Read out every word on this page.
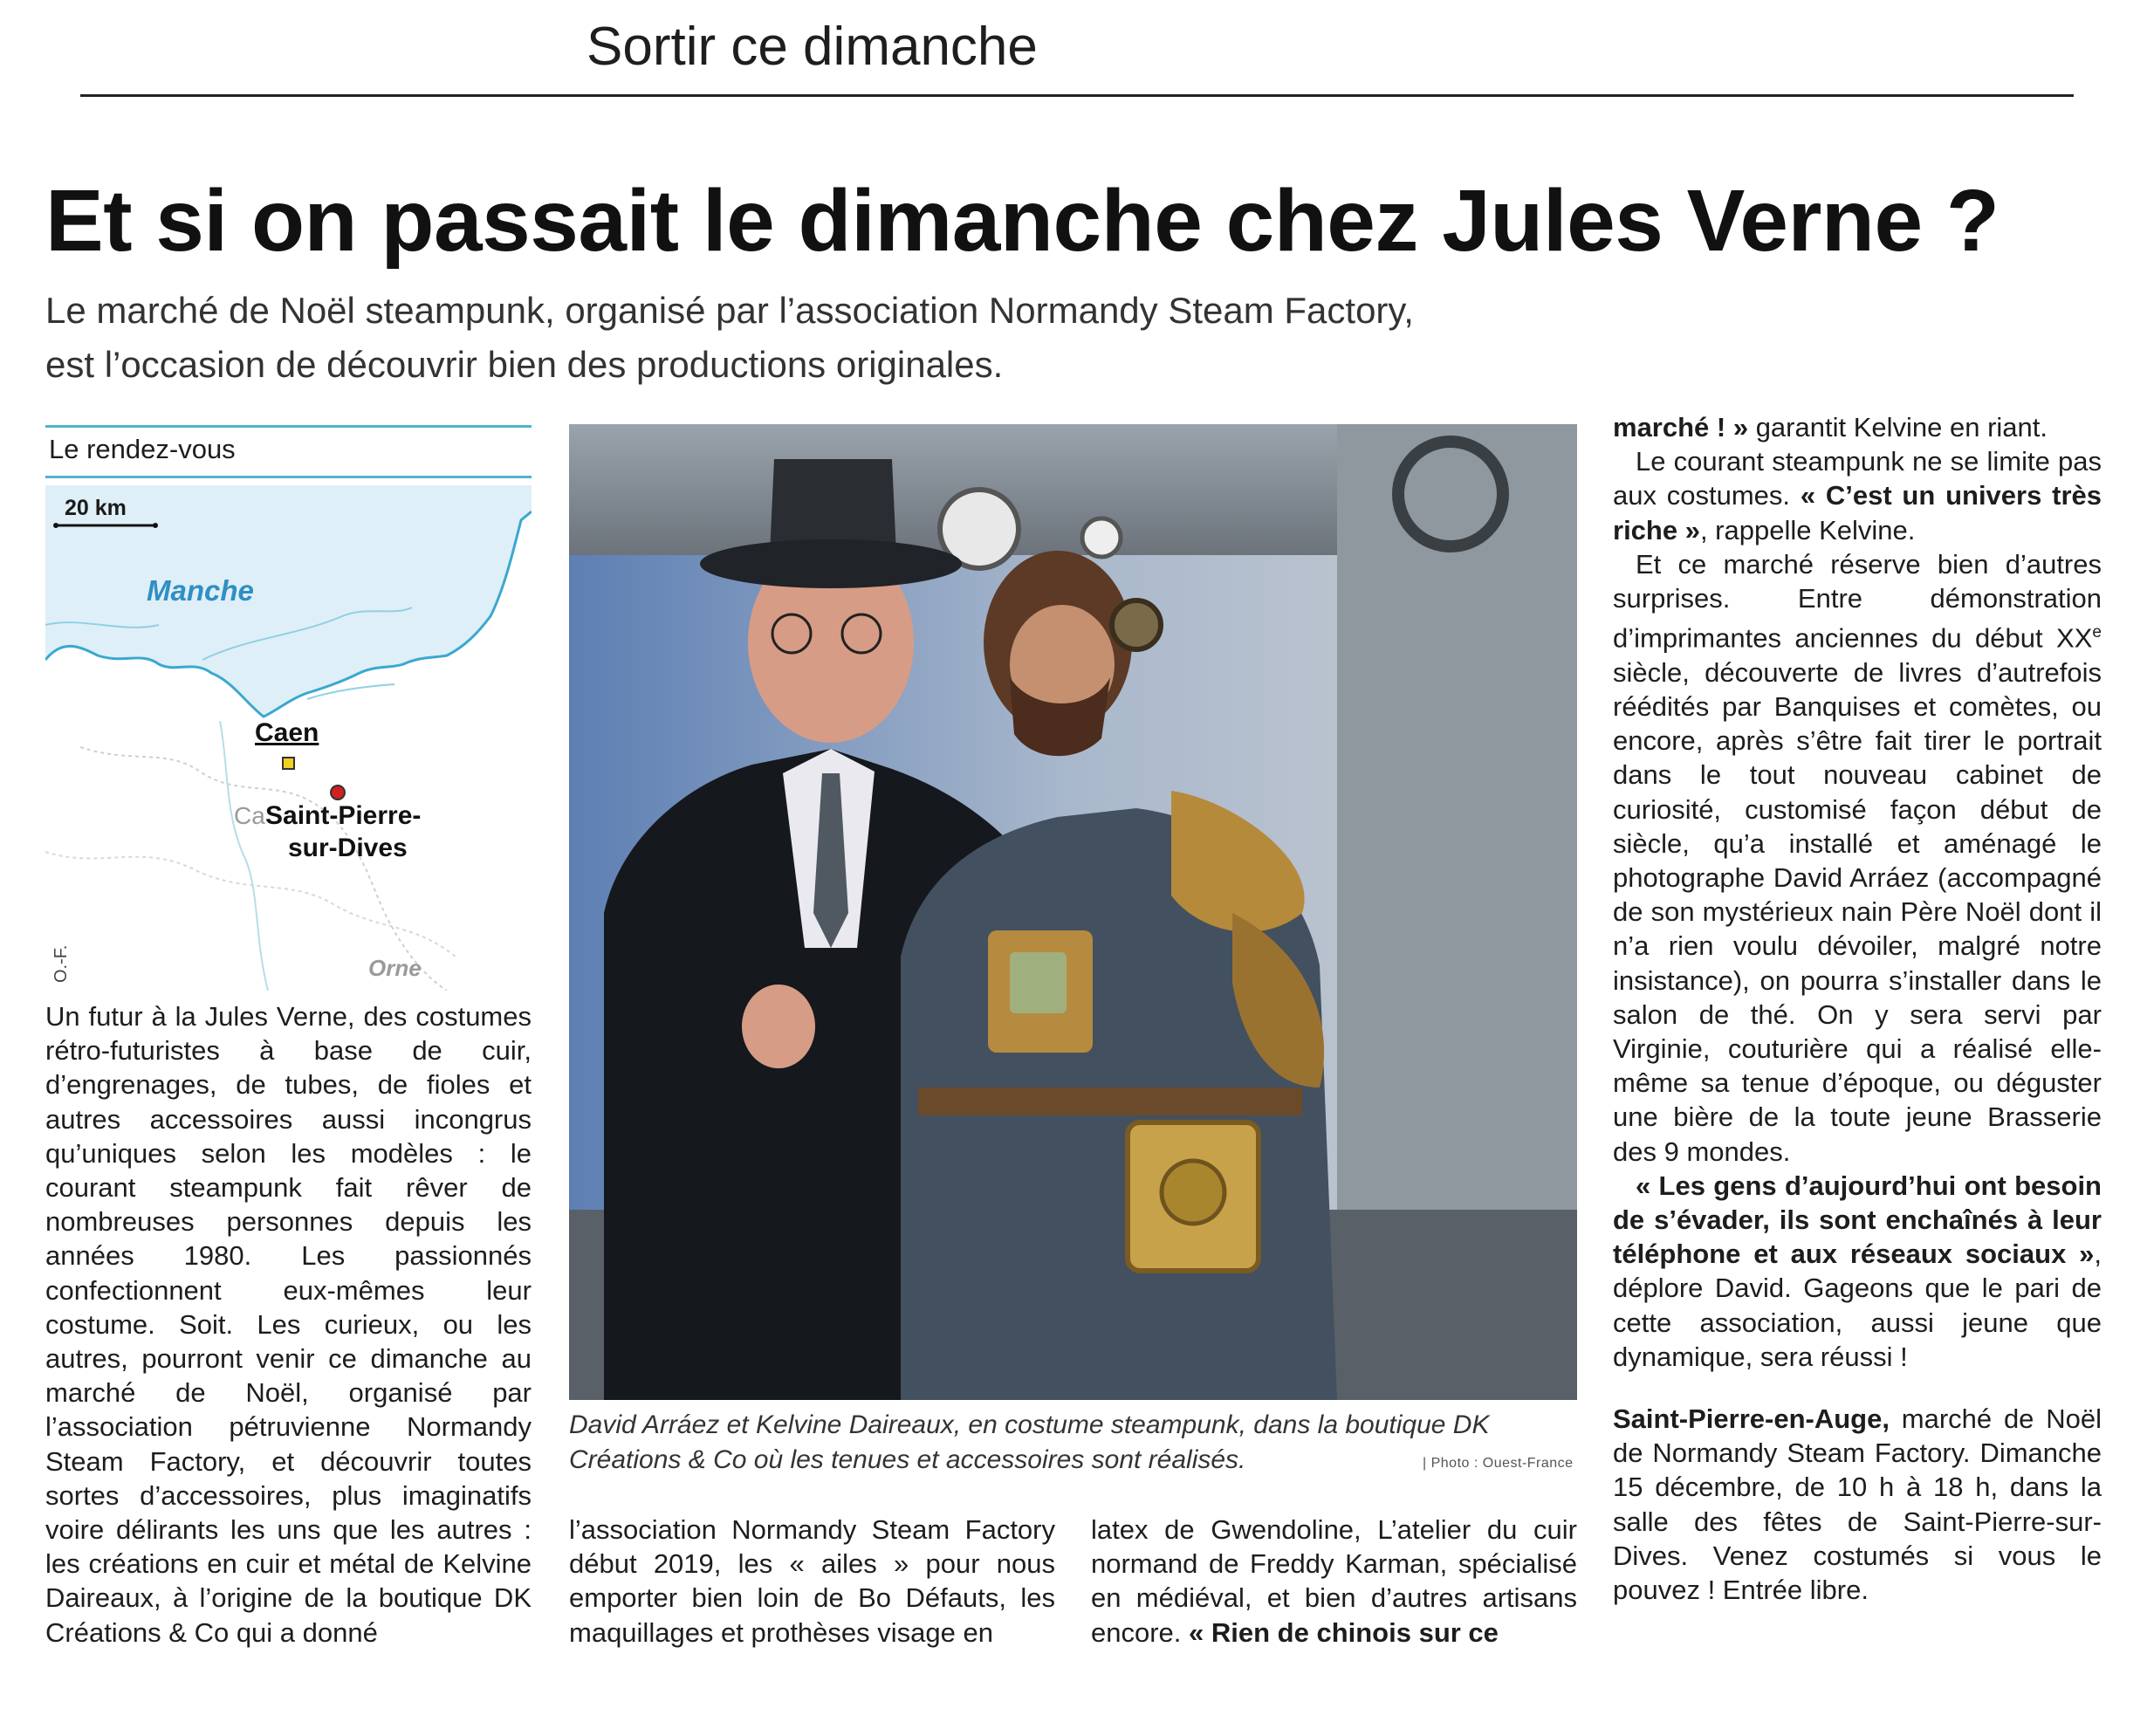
Sortir ce dimanche
Et si on passait le dimanche chez Jules Verne ?
Le marché de Noël steampunk, organisé par l’association Normandy Steam Factory,
est l’occasion de découvrir bien des productions originales.
Le rendez-vous
20 km
Manche
Caen
Ca Saint-Pierre-
sur-Dives
Orne
O.-F.

Un futur à la Jules Verne, des costumes rétro-futuristes à base de cuir, d’engrenages, de tubes, de fioles et autres accessoires aussi incongrus qu’uniques selon les modèles : le courant steampunk fait rêver de nombreuses personnes depuis les années 1980. Les passionnés confectionnent eux-mêmes leur costume. Soit. Les curieux, ou les autres, pourront venir ce dimanche au marché de Noël, organisé par l’association pétruvienne Normandy Steam Factory, et découvrir toutes sortes d’accessoires, plus imaginatifs voire délirants les uns que les autres : les créations en cuir et métal de Kelvine Daireaux, à l’origine de la boutique DK Créations & Co qui a donné

David Arráez et Kelvine Daireaux, en costume steampunk, dans la boutique DK
Créations & Co où les tenues et accessoires sont réalisés.	| Photo : Ouest-France

l’association Normandy Steam Factory début 2019, les « ailes » pour nous emporter bien loin de Bo Défauts, les maquillages et prothèses visage en

latex de Gwendoline, L’atelier du cuir normand de Freddy Karman, spécialisé en médiéval, et bien d’autres artisans encore. « Rien de chinois sur ce

marché ! » garantit Kelvine en riant.

Le courant steampunk ne se limite pas aux costumes. « C’est un univers très riche », rappelle Kelvine.

Et ce marché réserve bien d’autres surprises. Entre démonstration d’imprimantes anciennes du début XXe siècle, découverte de livres d’autrefois réédités par Banquises et comètes, ou encore, après s’être fait tirer le portrait dans le tout nouveau cabinet de curiosité, customisé façon début de siècle, qu’a installé et aménagé le photographe David Arráez (accompagné de son mystérieux nain Père Noël dont il n’a rien voulu dévoiler, malgré notre insistance), on pourra s’installer dans le salon de thé. On y sera servi par Virginie, couturière qui a réalisé elle-même sa tenue d’époque, ou déguster une bière de la toute jeune Brasserie des 9 mondes.

« Les gens d’aujourd’hui ont besoin de s’évader, ils sont enchaînés à leur téléphone et aux réseaux sociaux », déplore David. Gageons que le pari de cette association, aussi jeune que dynamique, sera réussi !

Saint-Pierre-en-Auge, marché de Noël de Normandy Steam Factory. Dimanche 15 décembre, de 10 h à 18 h, dans la salle des fêtes de Saint-Pierre-sur-Dives. Venez costumés si vous le pouvez ! Entrée libre.
